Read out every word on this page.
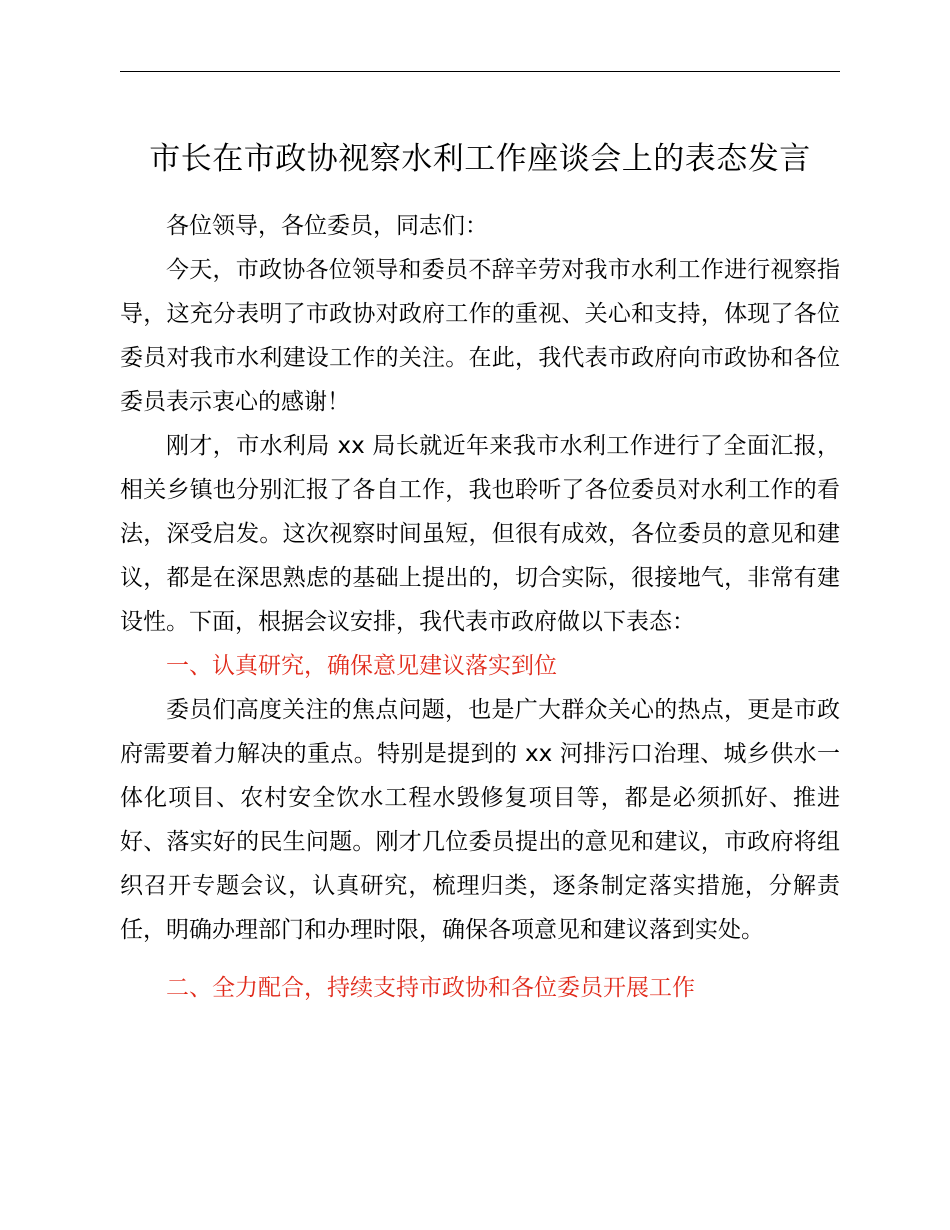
市长在市政协视察水利工作座谈会上的表态发言

各位领导，各位委员，同志们：

今天，市政协各位领导和委员不辞辛劳对我市水利工作进行视察指导，这充分表明了市政协对政府工作的重视、关心和支持，体现了各位委员对我市水利建设工作的关注。在此，我代表市政府向市政协和各位委员表示衷心的感谢！

刚才，市水利局 xx 局长就近年来我市水利工作进行了全面汇报，相关乡镇也分别汇报了各自工作，我也聆听了各位委员对水利工作的看法，深受启发。这次视察时间虽短，但很有成效，各位委员的意见和建议，都是在深思熟虑的基础上提出的，切合实际，很接地气，非常有建设性。下面，根据会议安排，我代表市政府做以下表态：

一、认真研究，确保意见建议落实到位

委员们高度关注的焦点问题，也是广大群众关心的热点，更是市政府需要着力解决的重点。特别是提到的 xx 河排污口治理、城乡供水一体化项目、农村安全饮水工程水毁修复项目等，都是必须抓好、推进好、落实好的民生问题。刚才几位委员提出的意见和建议，市政府将组织召开专题会议，认真研究，梳理归类，逐条制定落实措施，分解责任，明确办理部门和办理时限，确保各项意见和建议落到实处。

二、全力配合，持续支持市政协和各位委员开展工作
